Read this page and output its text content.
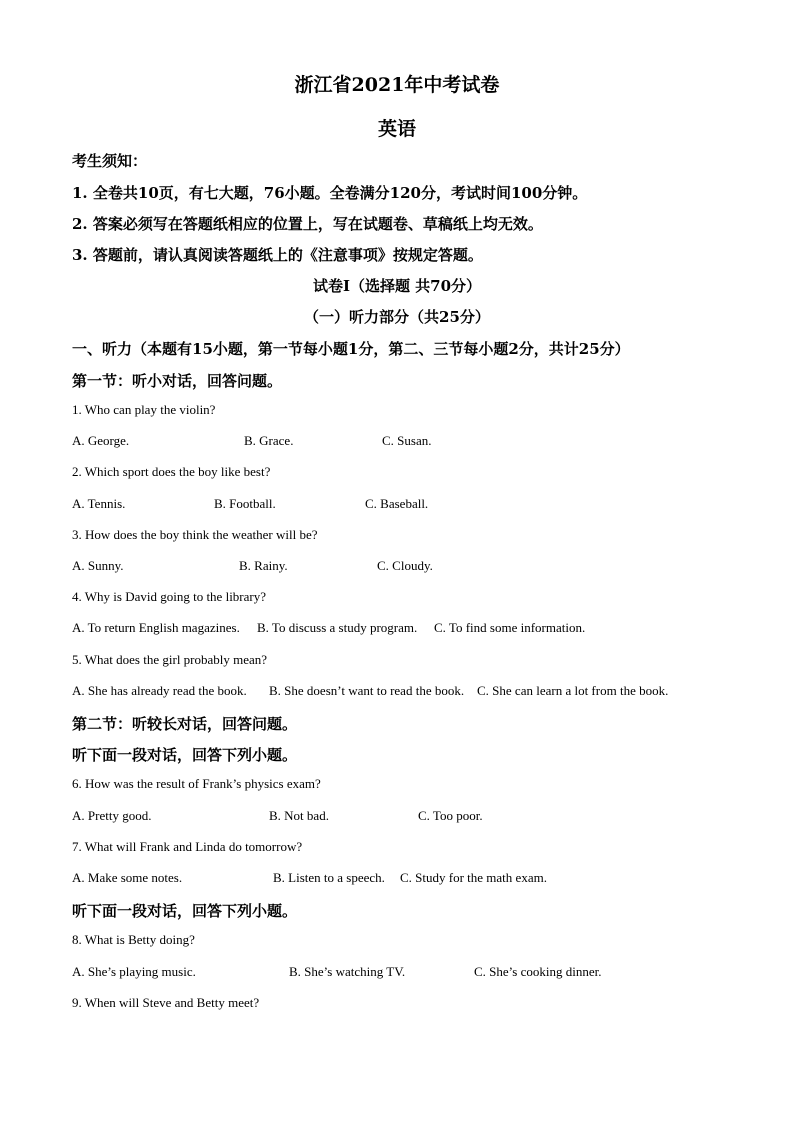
浙江省2021年中考试卷
英语
考生须知：
1. 全卷共10页，有七大题，76小题。全卷满分120分，考试时间100分钟。
2. 答案必须写在答题纸相应的位置上，写在试题卷、草稿纸上均无效。
3. 答题前，请认真阅读答题纸上的《注意事项》按规定答题。
试卷I（选择题 共70分）
（一）听力部分（共25分）
一、听力（本题有15小题，第一节每小题1分，第二、三节每小题2分，共计25分）
第一节：听小对话，回答问题。
1. Who can play the violin?
A. George.	B. Grace.	C. Susan.
2. Which sport does the boy like best?
A. Tennis.	B. Football.	C. Baseball.
3. How does the boy think the weather will be?
A. Sunny.	B. Rainy.	C. Cloudy.
4. Why is David going to the library?
A. To return English magazines. B. To discuss a study program. C. To find some information.
5. What does the girl probably mean?
A. She has already read the book. B. She doesn’t want to read the book. C. She can learn a lot from the book.
第二节：听较长对话，回答问题。
听下面一段对话，回答下列小题。
6. How was the result of Frank’s physics exam?
A. Pretty good.	B. Not bad.	C. Too poor.
7. What will Frank and Linda do tomorrow?
A. Make some notes.	B. Listen to a speech. C. Study for the math exam.
听下面一段对话，回答下列小题。
8. What is Betty doing?
A. She’s playing music.	B. She’s watching TV.	C. She’s cooking dinner.
9. When will Steve and Betty meet?
